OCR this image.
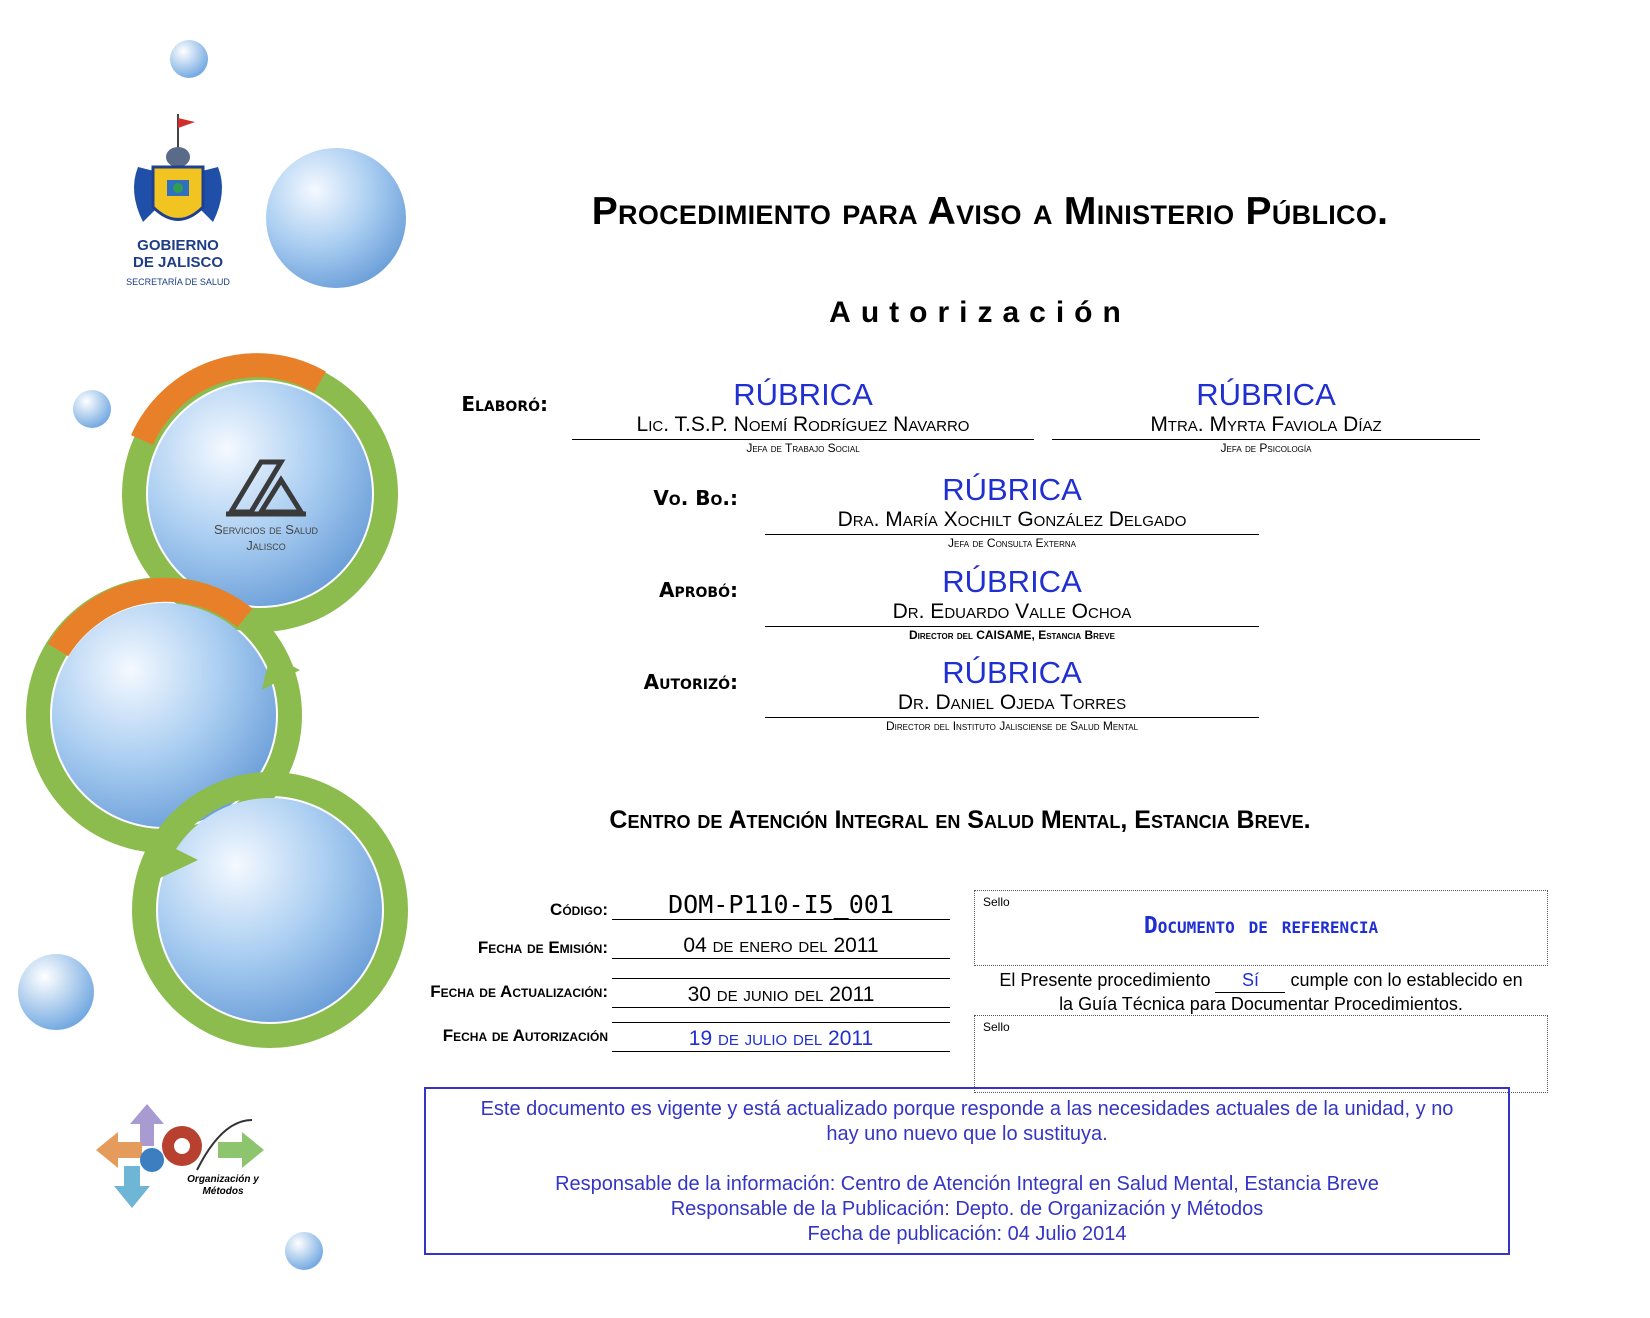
GOBIERNO
DE JALISCO
SECRETARÍA DE SALUD
Servicios de Salud
Jalisco
Organización y
Métodos
Procedimiento para Aviso a Ministerio Público.
Autorización
Elaboró:	RÚBRICA
Lic. T.S.P. Noemí Rodríguez Navarro
Jefa de Trabajo Social
RÚBRICA
Mtra. Myrta Faviola Díaz
Jefa de Psicología
Vo. Bo.:	RÚBRICA
Dra. María Xochilt González Delgado
Jefa de Consulta Externa
Aprobó:	RÚBRICA
Dr. Eduardo Valle Ochoa
Director del CAISAME, Estancia Breve
Autorizó:	RÚBRICA
Dr. Daniel Ojeda Torres
Director del Instituto Jalisciense de Salud Mental
Centro de Atención Integral en Salud Mental, Estancia Breve.
Código:	DOM-P110-I5_001
Fecha de Emisión:	04 de enero del 2011
Fecha de Actualización:	30 de junio del 2011
Fecha de Autorización	19 de julio del 2011
Sello
Documento de referencia
El Presente procedimiento Sí cumple con lo establecido en
la Guía Técnica para Documentar Procedimientos.
Sello
Este documento es vigente y está actualizado porque responde a las necesidades actuales de la unidad, y no
hay uno nuevo que lo sustituya.
Responsable de la información: Centro de Atención Integral en Salud Mental, Estancia Breve
Responsable de la Publicación: Depto. de Organización y Métodos
Fecha de publicación: 04 Julio 2014
